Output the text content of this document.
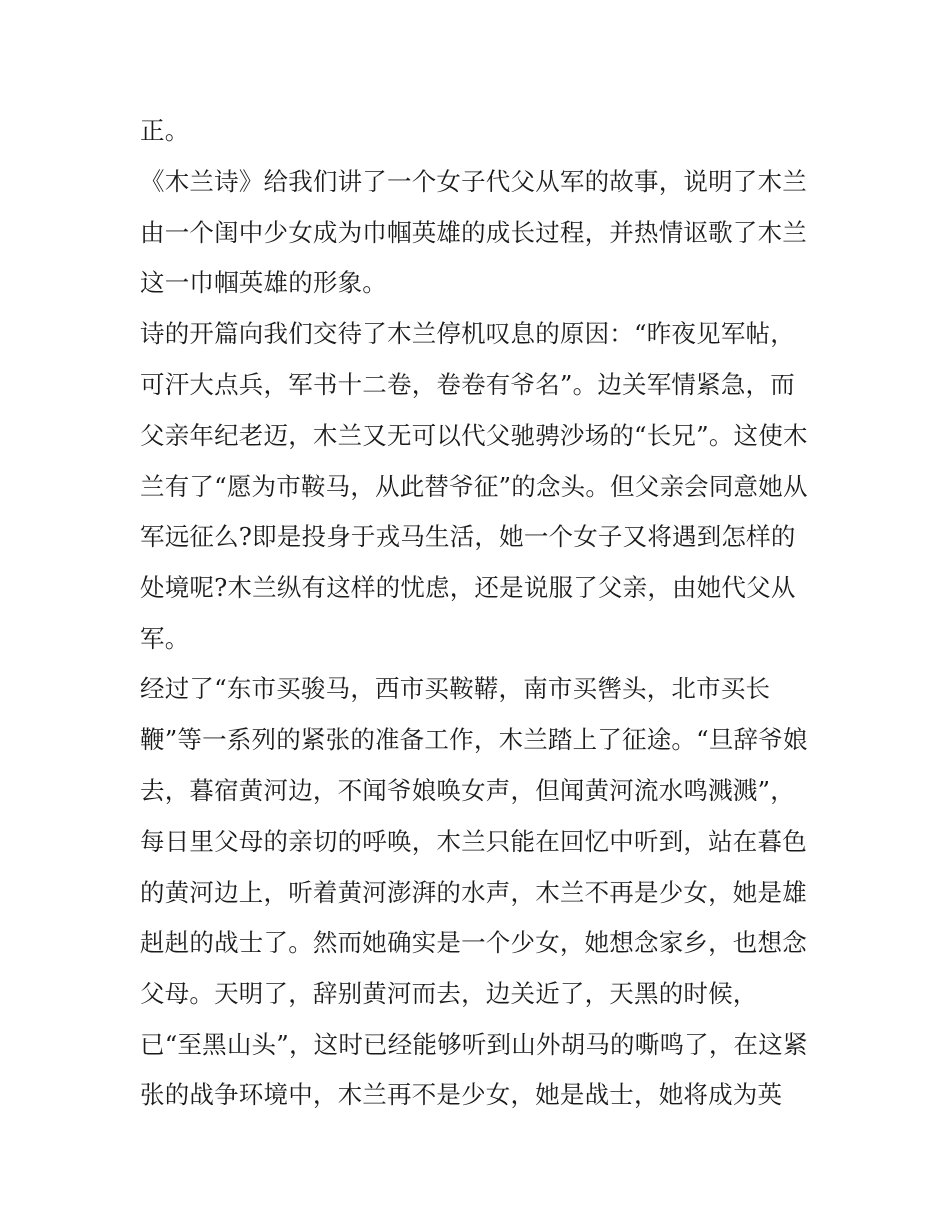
正。

《木兰诗》给我们讲了一个女子代父从军的故事，说明了木兰

由一个闺中少女成为巾帼英雄的成长过程，并热情讴歌了木兰

这一巾帼英雄的形象。

诗的开篇向我们交待了木兰停机叹息的原因：“昨夜见军帖，

可汗大点兵，军书十二卷，卷卷有爷名”。边关军情紧急，而

父亲年纪老迈，木兰又无可以代父驰骋沙场的“长兄”。这使木

兰有了“愿为市鞍马，从此替爷征”的念头。但父亲会同意她从

军远征么?即是投身于戎马生活，她一个女子又将遇到怎样的

处境呢?木兰纵有这样的忧虑，还是说服了父亲，由她代父从

军。

经过了“东市买骏马，西市买鞍鞯，南市买辔头，北市买长

鞭”等一系列的紧张的准备工作，木兰踏上了征途。“旦辞爷娘

去，暮宿黄河边，不闻爷娘唤女声，但闻黄河流水鸣溅溅”，

每日里父母的亲切的呼唤，木兰只能在回忆中听到，站在暮色

的黄河边上，听着黄河澎湃的水声，木兰不再是少女，她是雄

赳赳的战士了。然而她确实是一个少女，她想念家乡，也想念

父母。天明了，辞别黄河而去，边关近了，天黑的时候，

已“至黑山头”，这时已经能够听到山外胡马的嘶鸣了，在这紧

张的战争环境中，木兰再不是少女，她是战士，她将成为英
